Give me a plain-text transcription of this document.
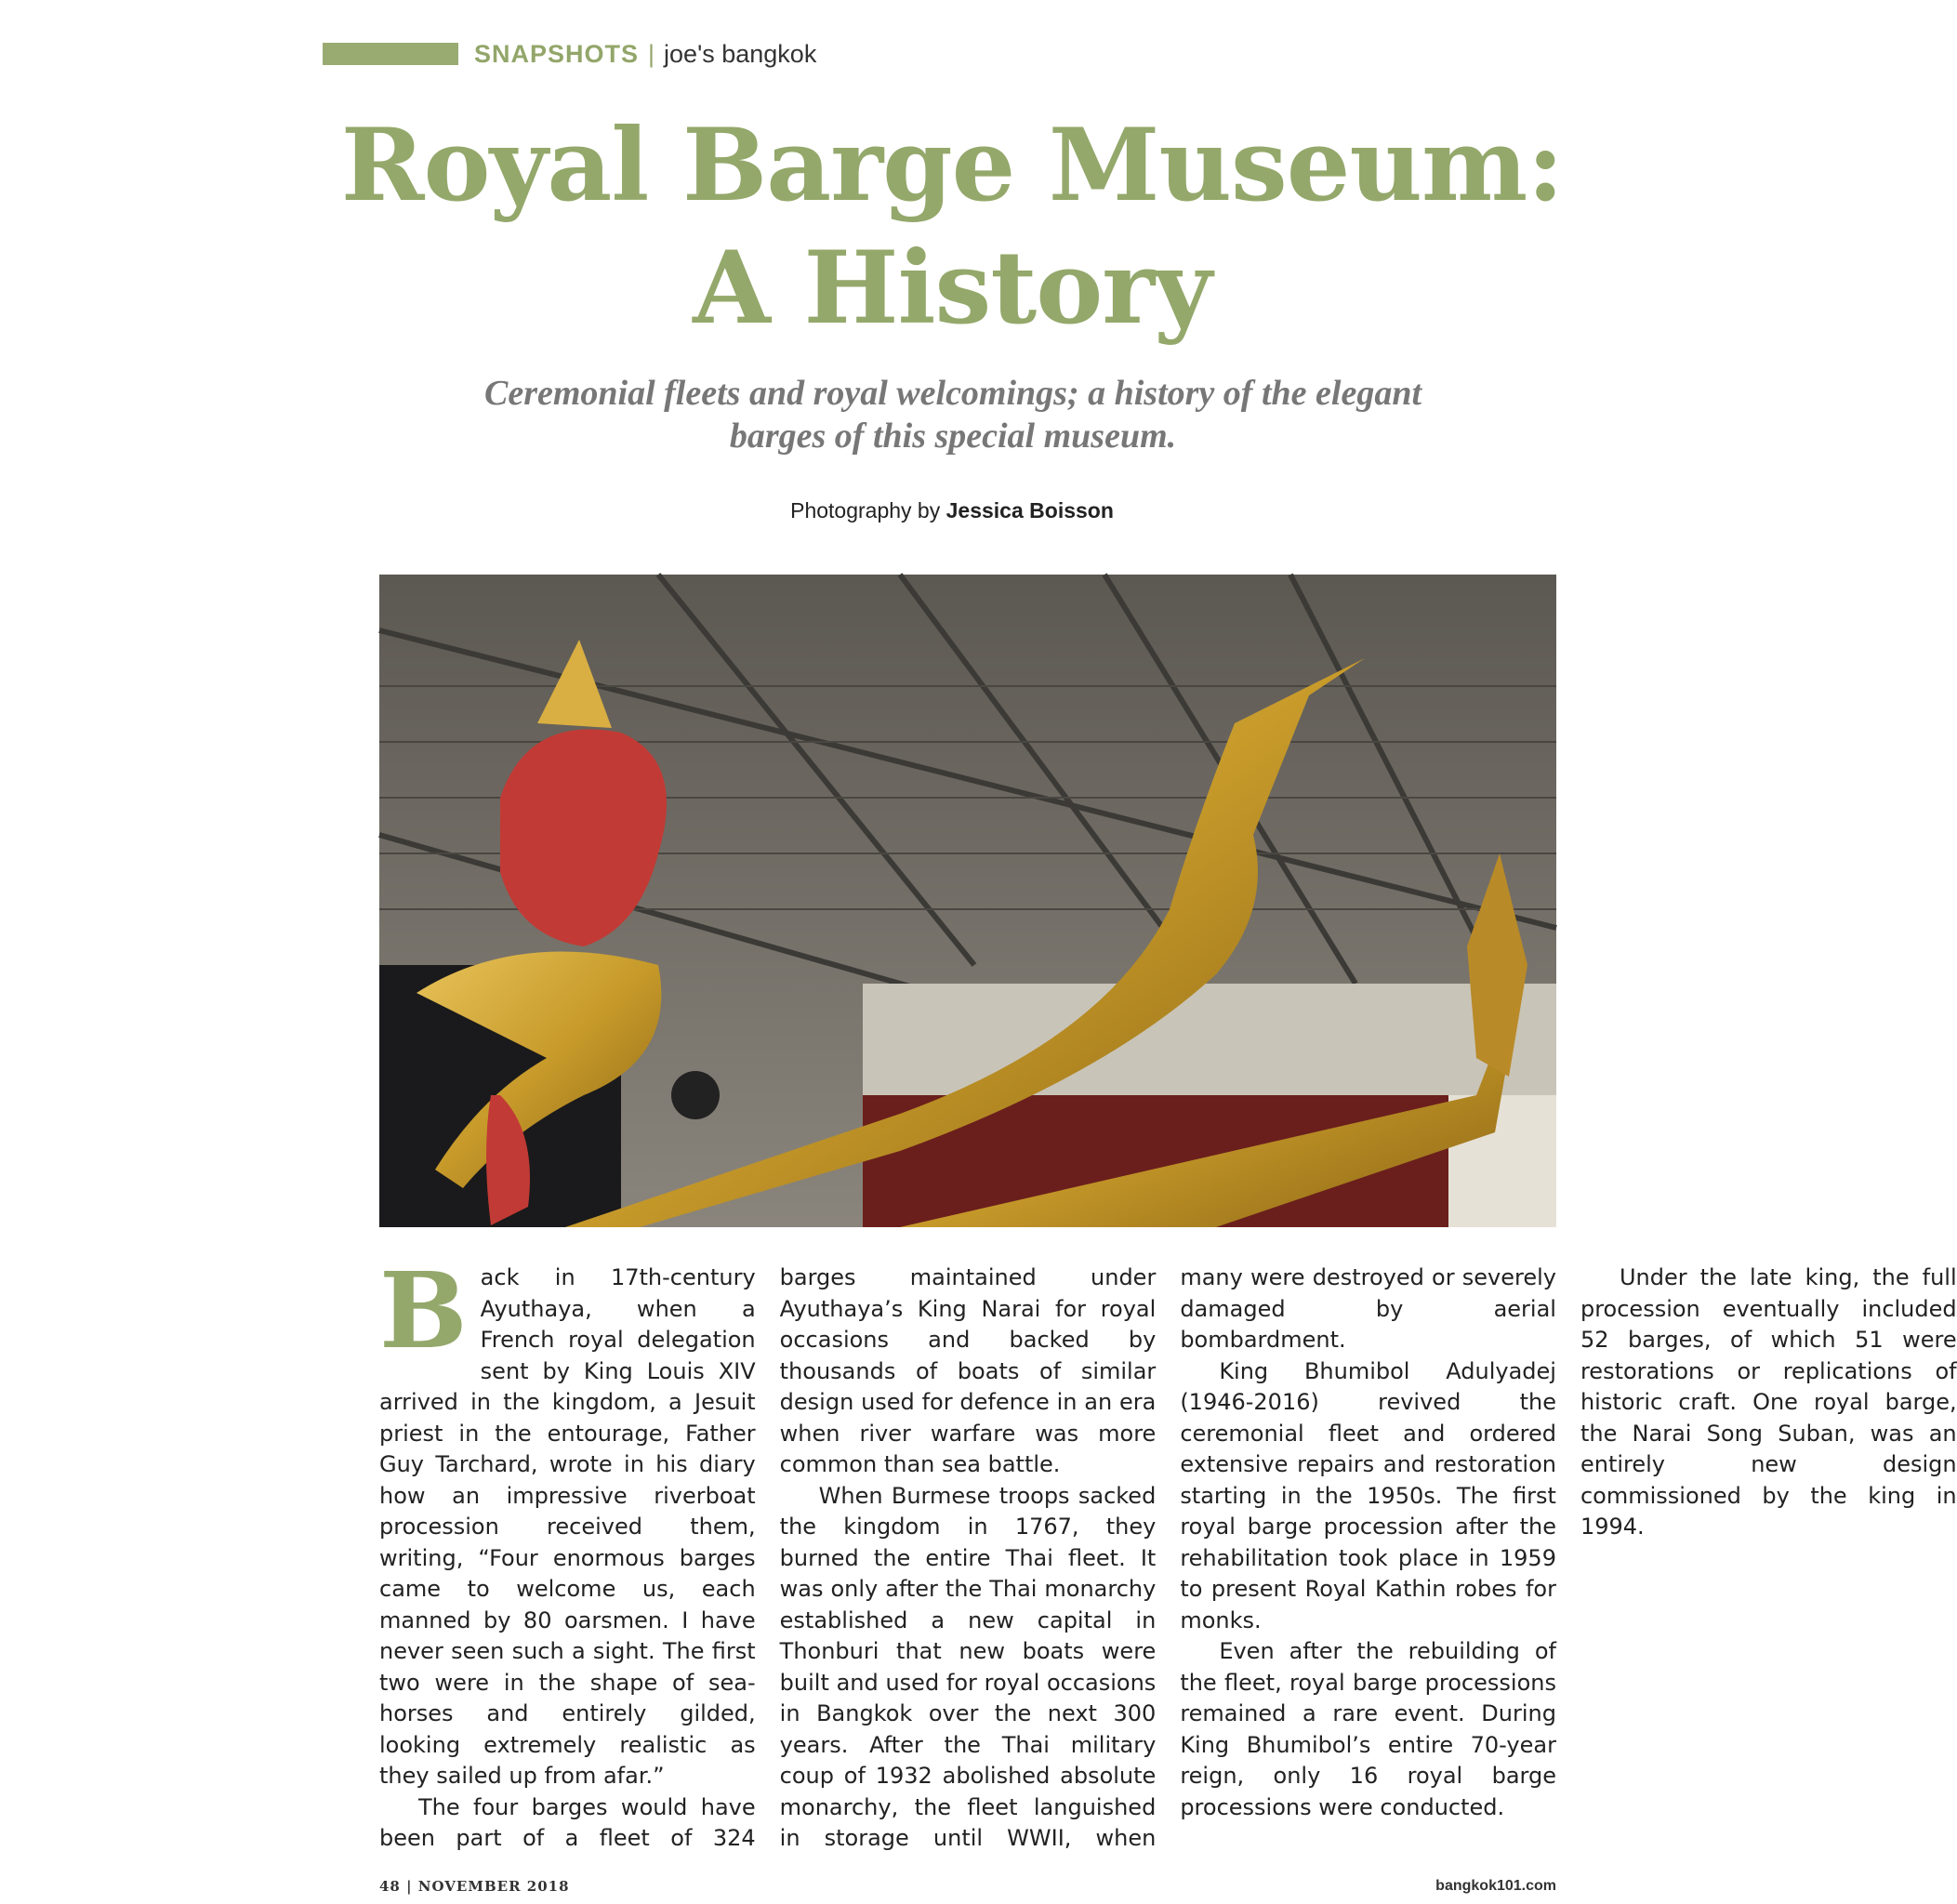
SNAPSHOTS | joe's bangkok
Royal Barge Museum:
A History
Ceremonial fleets and royal welcomings; a history of the elegant
barges of this special museum.
Photography by Jessica Boisson

Back in 17th-century Ayuthaya, when a French royal delegation sent by King Louis XIV arrived in the kingdom, a Jesuit priest in the entourage, Father Guy Tarchard, wrote in his diary how an impressive riverboat procession received them, writing, “Four enormous barges came to welcome us, each manned by 80 oarsmen. I have never seen such a sight. The first two were in the shape of sea-horses and entirely gilded, looking extremely realistic as they sailed up from afar.”

The four barges would have been part of a fleet of 324 barges maintained under Ayuthaya’s King Narai for royal occasions and backed by thousands of boats of similar design used for defence in an era when river warfare was more common than sea battle.

When Burmese troops sacked the kingdom in 1767, they burned the entire Thai fleet. It was only after the Thai monarchy established a new capital in Thonburi that new boats were built and used for royal occasions in Bangkok over the next 300 years. After the Thai military coup of 1932 abolished absolute monarchy, the fleet languished in storage until WWII, when many were destroyed or severely damaged by aerial bombardment.

King Bhumibol Adulyadej (1946-2016) revived the ceremonial fleet and ordered extensive repairs and restoration starting in the 1950s. The first royal barge procession after the rehabilitation took place in 1959 to present Royal Kathin robes for monks.

Even after the rebuilding of the fleet, royal barge processions remained a rare event. During King Bhumibol’s entire 70-year reign, only 16 royal barge processions were conducted.

Under the late king, the full procession eventually included 52 barges, of which 51 were restorations or replications of historic craft. One royal barge, the Narai Song Suban, was an entirely new design commissioned by the king in 1994.

48 | NOVEMBER 2018	bangkok101.com
